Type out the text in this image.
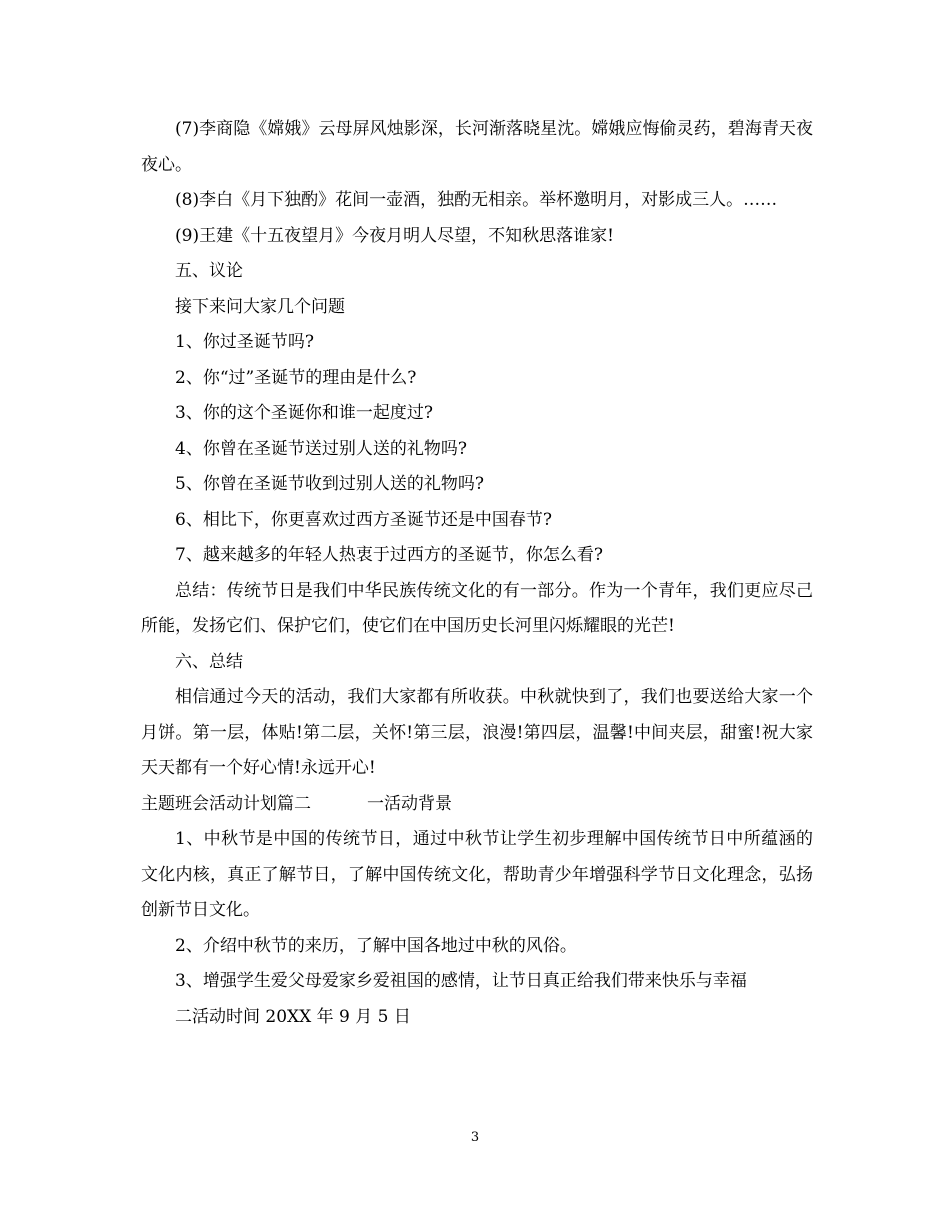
(7)李商隐《嫦娥》云母屏风烛影深，长河渐落晓星沈。嫦娥应悔偷灵药，碧海青天夜夜心。

(8)李白《月下独酌》花间一壶酒，独酌无相亲。举杯邀明月，对影成三人。……

(9)王建《十五夜望月》今夜月明人尽望，不知秋思落谁家!

五、议论

接下来问大家几个问题

1、你过圣诞节吗?

2、你“过”圣诞节的理由是什么?

3、你的这个圣诞你和谁一起度过?

4、你曾在圣诞节送过别人送的礼物吗?

5、你曾在圣诞节收到过别人送的礼物吗?

6、相比下，你更喜欢过西方圣诞节还是中国春节?

7、越来越多的年轻人热衷于过西方的圣诞节，你怎么看?

总结：传统节日是我们中华民族传统文化的有一部分。作为一个青年，我们更应尽己所能，发扬它们、保护它们，使它们在中国历史长河里闪烁耀眼的光芒!

六、总结

相信通过今天的活动，我们大家都有所收获。中秋就快到了，我们也要送给大家一个月饼。第一层，体贴!第二层，关怀!第三层，浪漫!第四层，温馨!中间夹层，甜蜜!祝大家天天都有一个好心情!永远开心!

主题班会活动计划篇二	一活动背景

1、中秋节是中国的传统节日，通过中秋节让学生初步理解中国传统节日中所蕴涵的文化内核，真正了解节日，了解中国传统文化，帮助青少年增强科学节日文化理念，弘扬创新节日文化。

2、介绍中秋节的来历，了解中国各地过中秋的风俗。

3、增强学生爱父母爱家乡爱祖国的感情，让节日真正给我们带来快乐与幸福

二活动时间 20XX 年 9 月 5 日

3
